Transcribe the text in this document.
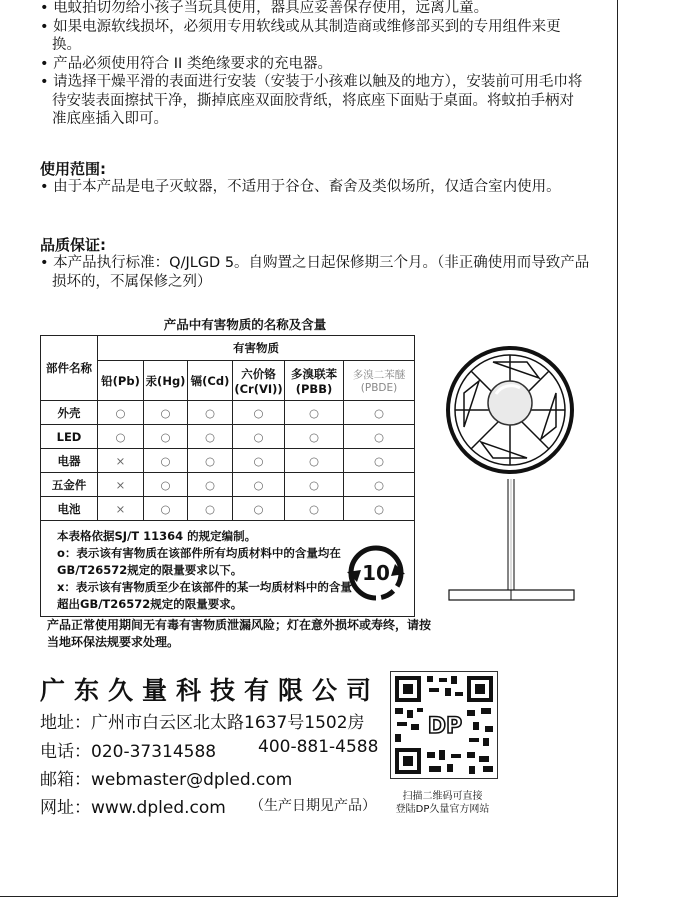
• 电蚊拍切勿给小孩子当玩具使用，器具应妥善保存使用，远离儿童。
• 如果电源软线损坏，必须用专用软线或从其制造商或维修部买到的专用组件来更换。
• 产品必须使用符合 II 类绝缘要求的充电器。
• 请选择干燥平滑的表面进行安装（安装于小孩难以触及的地方），安装前可用毛巾将待安装表面擦拭干净，撕掉底座双面胶背纸，将底座下面贴于桌面。将蚊拍手柄对准底座插入即可。
使用范围:
• 由于本产品是电子灭蚊器，不适用于谷仓、畜舍及类似场所，仅适合室内使用。
品质保证:
• 本产品执行标准：Q/JLGD 5。自购置之日起保修期三个月。（非正确使用而导致产品损坏的，不属保修之列）
产品中有害物质的名称及含量
部件名称	有害物质					
	铅(Pb)	汞(Hg)	镉(Cd)	六价铬 (Cr(VI))	多溴联苯 (PBB)	多溴二苯醚 (PBDE)
外壳	○	○	○	○	○	○
LED	○	○	○	○	○	○
电器	×	○	○	○	○	○
五金件	×	○	○	○	○	○
电池	×	○	○	○	○	○
本表格依据SJ/T 11364 的规定编制。
o：表示该有害物质在该部件所有均质材料中的含量均在GB/T26572规定的限量要求以下。
x：表示该有害物质至少在该部件的某一均质材料中的含量超出GB/T26572规定的限量要求。
10
产品正常使用期间无有毒有害物质泄漏风险；灯在意外损坏或寿终，请按当地环保法规要求处理。
广东久量科技有限公司
地址：广州市白云区北太路1637号1502房
电话：020-37314588 400-881-4588
邮箱：webmaster@dpled.com
网址：www.dpled.com （生产日期见产品）
DP
扫描二维码可直接
登陆DP久量官方网站
